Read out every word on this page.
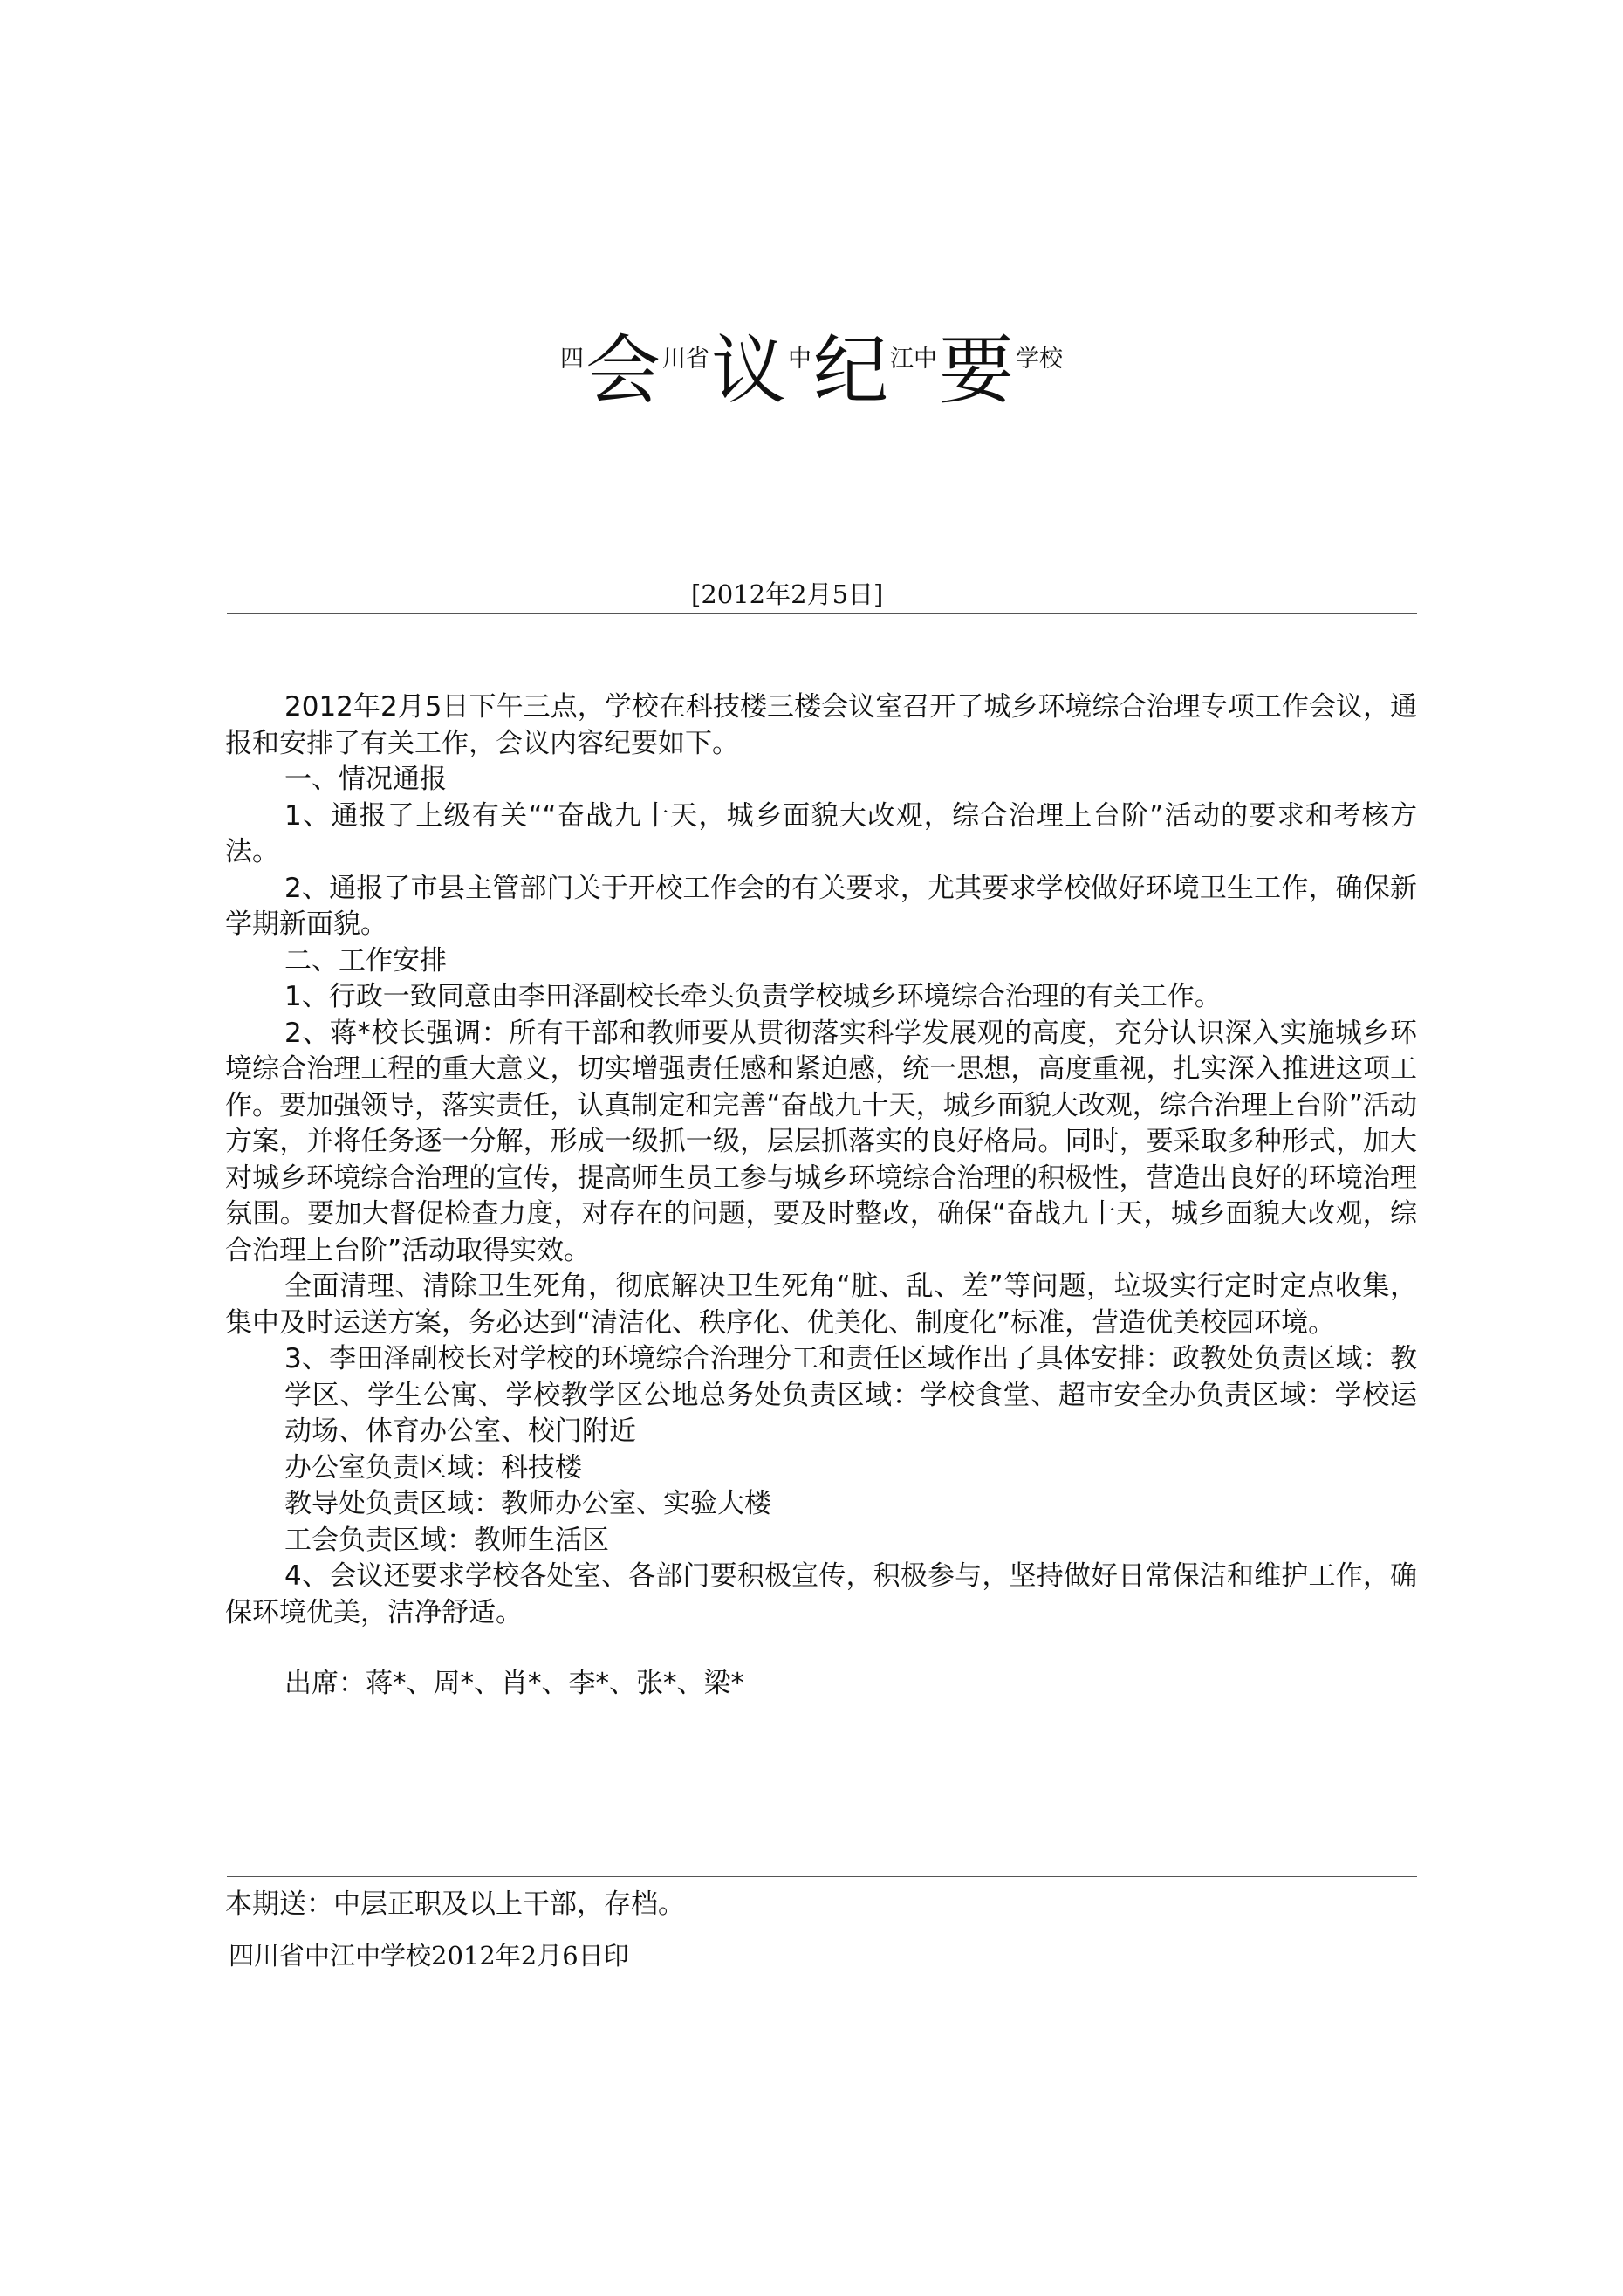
四会川省议中纪江中要学校
[2012年2月5日]

2012年2月5日下午三点，学校在科技楼三楼会议室召开了城乡环境综合治理专项工作会议，通报和安排了有关工作，会议内容纪要如下。

一、情况通报

1、通报了上级有关““奋战九十天，城乡面貌大改观，综合治理上台阶”活动的要求和考核方法。

2、通报了市县主管部门关于开校工作会的有关要求，尤其要求学校做好环境卫生工作，确保新学期新面貌。

二、工作安排

1、行政一致同意由李田泽副校长牵头负责学校城乡环境综合治理的有关工作。

2、蒋*校长强调：所有干部和教师要从贯彻落实科学发展观的高度，充分认识深入实施城乡环境综合治理工程的重大意义，切实增强责任感和紧迫感，统一思想，高度重视，扎实深入推进这项工作。要加强领导，落实责任，认真制定和完善“奋战九十天，城乡面貌大改观，综合治理上台阶”活动方案，并将任务逐一分解，形成一级抓一级，层层抓落实的良好格局。同时，要采取多种形式，加大对城乡环境综合治理的宣传，提高师生员工参与城乡环境综合治理的积极性，营造出良好的环境治理氛围。要加大督促检查力度，对存在的问题，要及时整改，确保“奋战九十天，城乡面貌大改观，综合治理上台阶”活动取得实效。

全面清理、清除卫生死角，彻底解决卫生死角“脏、乱、差”等问题，垃圾实行定时定点收集，集中及时运送方案，务必达到“清洁化、秩序化、优美化、制度化”标准，营造优美校园环境。

3、李田泽副校长对学校的环境综合治理分工和责任区域作出了具体安排：政教处负责区域：教学区、学生公寓、学校教学区公地总务处负责区域：学校食堂、超市安全办负责区域：学校运动场、体育办公室、校门附近

办公室负责区域：科技楼

教导处负责区域：教师办公室、实验大楼

工会负责区域：教师生活区

4、会议还要求学校各处室、各部门要积极宣传，积极参与，坚持做好日常保洁和维护工作，确保环境优美，洁净舒适。

出席：蒋*、周*、肖*、李*、张*、梁*

本期送：中层正职及以上干部，存档。
四川省中江中学校2012年2月6日印
